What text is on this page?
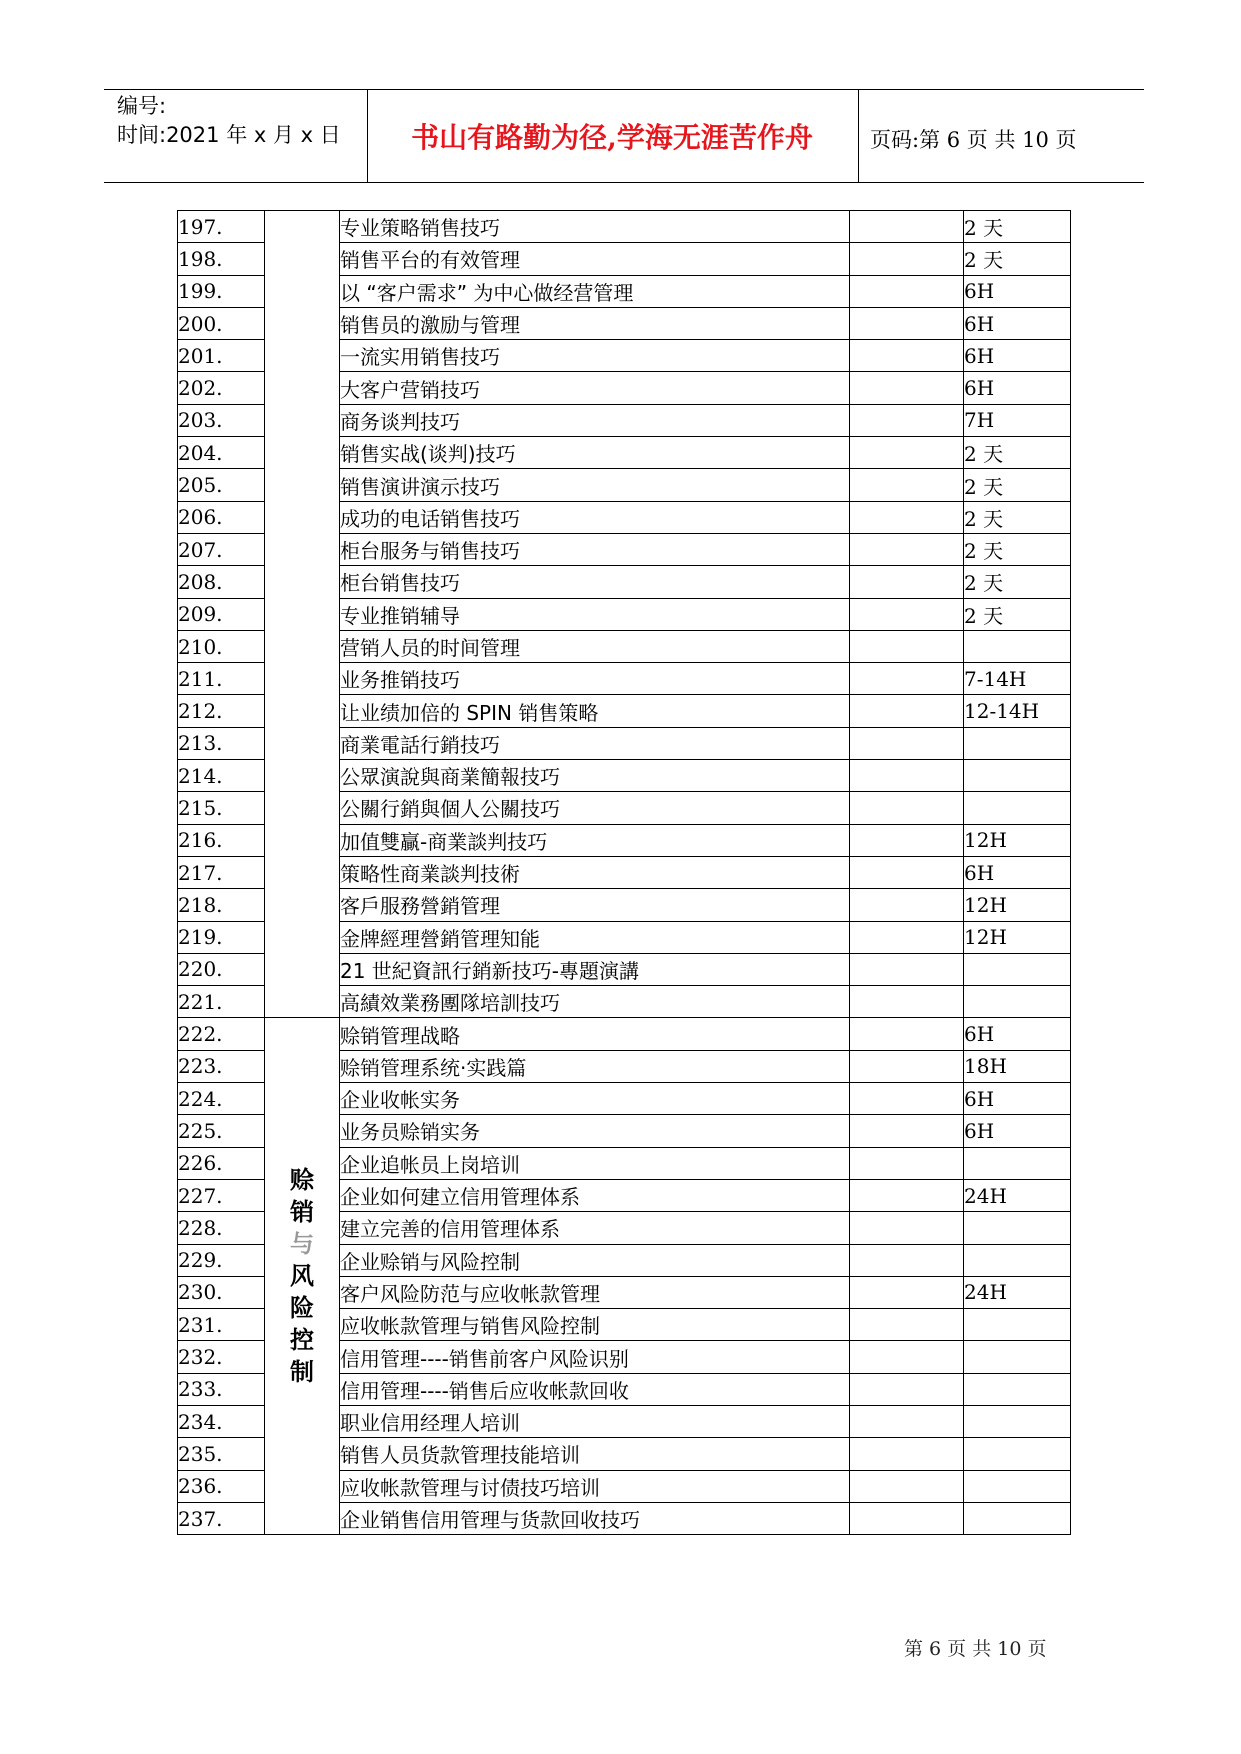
编号:
时间:2021 年 x 月 x 日	书山有路勤为径,学海无涯苦作舟	页码:第 6 页 共 10 页
197.		专业策略销售技巧		2 天
198.		销售平台的有效管理		2 天
199.		以 “客户需求” 为中心做经营管理		6H
200.		销售员的激励与管理		6H
201.		一流实用销售技巧		6H
202.		大客户营销技巧		6H
203.		商务谈判技巧		7H
204.		销售实战(谈判)技巧		2 天
205.		销售演讲演示技巧		2 天
206.		成功的电话销售技巧		2 天
207.		柜台服务与销售技巧		2 天
208.		柜台销售技巧		2 天
209.		专业推销辅导		2 天
210.		营销人员的时间管理		
211.		业务推销技巧		7-14H
212.		让业绩加倍的 SPIN 销售策略		12-14H
213.		商業電話行銷技巧		
214.		公眾演說與商業簡報技巧		
215.		公關行銷與個人公關技巧		
216.		加值雙贏-商業談判技巧		12H
217.		策略性商業談判技術		6H
218.		客戶服務營銷管理		12H
219.		金牌經理營銷管理知能		12H
220.		21 世紀資訊行銷新技巧-專題演講		
221.		高績效業務團隊培訓技巧		
222.	赊销与风险控制	赊销管理战略		6H
223.		赊销管理系统·实践篇		18H
224.		企业收帐实务		6H
225.		业务员赊销实务		6H
226.		企业追帐员上岗培训		
227.		企业如何建立信用管理体系		24H
228.		建立完善的信用管理体系		
229.		企业赊销与风险控制		
230.		客户风险防范与应收帐款管理		24H
231.		应收帐款管理与销售风险控制		
232.		信用管理----销售前客户风险识别		
233.		信用管理----销售后应收帐款回收		
234.		职业信用经理人培训		
235.		销售人员货款管理技能培训		
236.		应收帐款管理与讨债技巧培训		
237.		企业销售信用管理与货款回收技巧		
第 6 页 共 10 页
